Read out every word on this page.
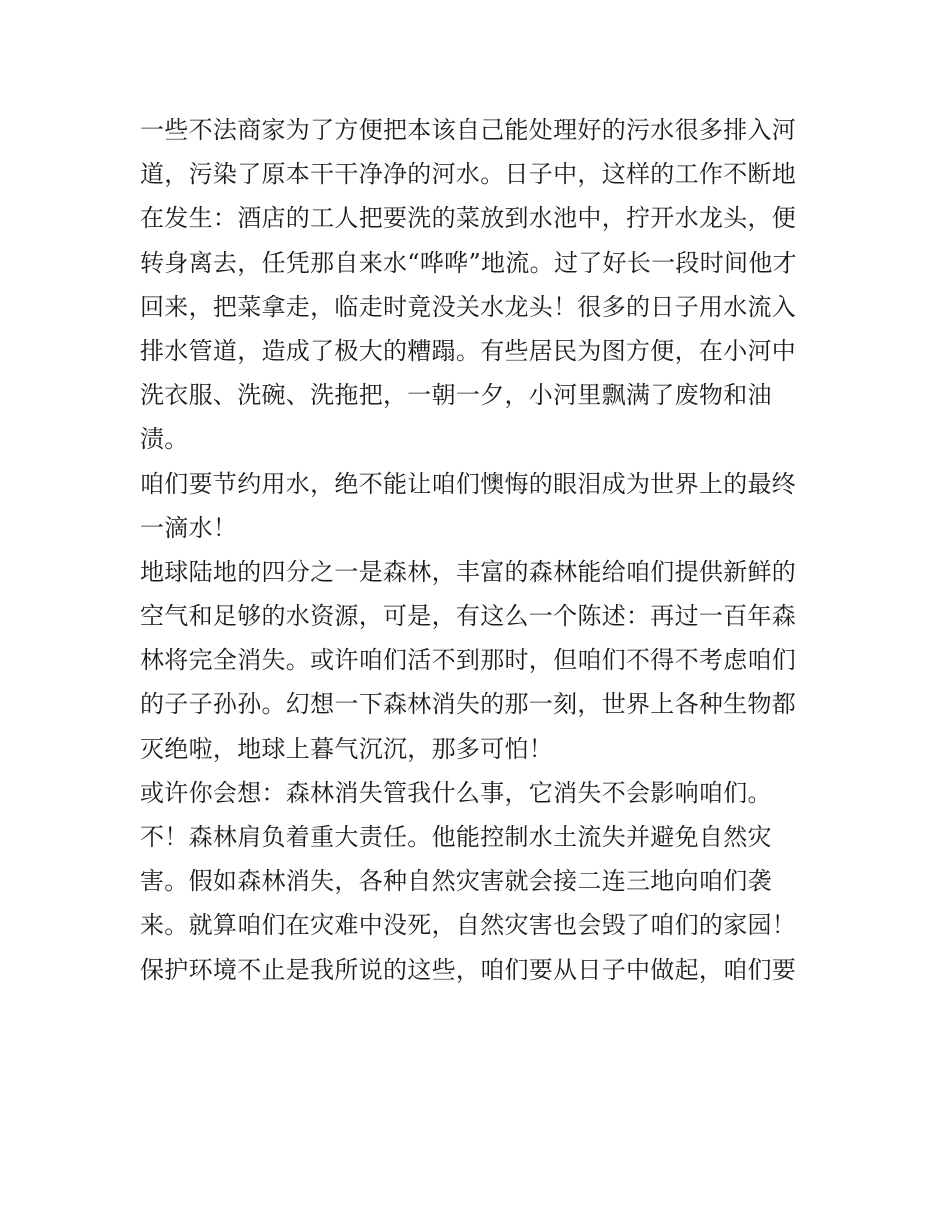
一些不法商家为了方便把本该自己能处理好的污水很多排入河
道，污染了原本干干净净的河水。日子中，这样的工作不断地
在发生：酒店的工人把要洗的菜放到水池中，拧开水龙头，便
转身离去，任凭那自来水“哗哗”地流。过了好长一段时间他才
回来，把菜拿走，临走时竟没关水龙头！很多的日子用水流入
排水管道，造成了极大的糟蹋。有些居民为图方便，在小河中
洗衣服、洗碗、洗拖把，一朝一夕，小河里飘满了废物和油
渍。
咱们要节约用水，绝不能让咱们懊悔的眼泪成为世界上的最终
一滴水！
地球陆地的四分之一是森林，丰富的森林能给咱们提供新鲜的
空气和足够的水资源，可是，有这么一个陈述：再过一百年森
林将完全消失。或许咱们活不到那时，但咱们不得不考虑咱们
的子子孙孙。幻想一下森林消失的那一刻，世界上各种生物都
灭绝啦，地球上暮气沉沉，那多可怕！
或许你会想：森林消失管我什么事，它消失不会影响咱们。
不！森林肩负着重大责任。他能控制水土流失并避免自然灾
害。假如森林消失，各种自然灾害就会接二连三地向咱们袭
来。就算咱们在灾难中没死，自然灾害也会毁了咱们的家园！
保护环境不止是我所说的这些，咱们要从日子中做起，咱们要
